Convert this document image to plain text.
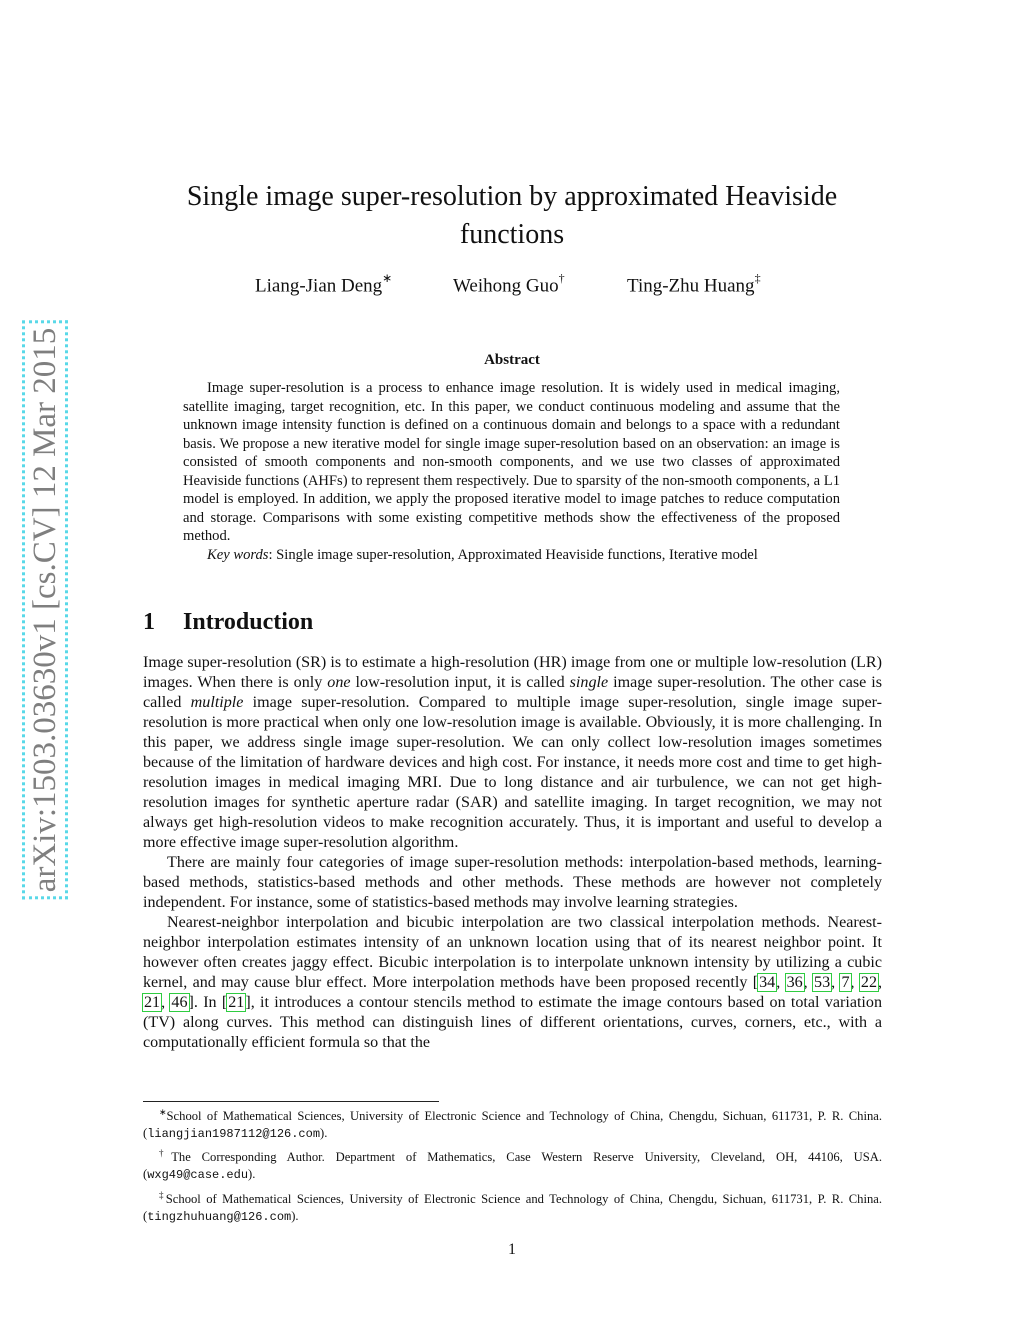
arXiv:1503.03630v1 [cs.CV] 12 Mar 2015
Single image super-resolution by approximated Heaviside functions
Liang-Jian Deng∗	Weihong Guo†	Ting-Zhu Huang‡
Abstract

Image super-resolution is a process to enhance image resolution. It is widely used in medical imaging, satellite imaging, target recognition, etc. In this paper, we conduct continuous modeling and assume that the unknown image intensity function is defined on a continuous domain and belongs to a space with a redundant basis. We propose a new iterative model for single image super-resolution based on an observation: an image is consisted of smooth components and non-smooth components, and we use two classes of approximated Heaviside functions (AHFs) to represent them respectively. Due to sparsity of the non-smooth components, a L1 model is employed. In addition, we apply the proposed iterative model to image patches to reduce computation and storage. Comparisons with some existing competitive methods show the effectiveness of the proposed method.

Key words: Single image super-resolution, Approximated Heaviside functions, Iterative model

1 Introduction

Image super-resolution (SR) is to estimate a high-resolution (HR) image from one or multiple low-resolution (LR) images. When there is only one low-resolution input, it is called single image super-resolution. The other case is called multiple image super-resolution. Compared to multiple image super-resolution, single image super-resolution is more practical when only one low-resolution image is available. Obviously, it is more challenging. In this paper, we address single image super-resolution. We can only collect low-resolution images sometimes because of the limitation of hardware devices and high cost. For instance, it needs more cost and time to get high-resolution images in medical imaging MRI. Due to long distance and air turbulence, we can not get high-resolution images for synthetic aperture radar (SAR) and satellite imaging. In target recognition, we may not always get high-resolution videos to make recognition accurately. Thus, it is important and useful to develop a more effective image super-resolution algorithm.

There are mainly four categories of image super-resolution methods: interpolation-based methods, learning-based methods, statistics-based methods and other methods. These methods are however not completely independent. For instance, some of statistics-based methods may involve learning strategies.

Nearest-neighbor interpolation and bicubic interpolation are two classical interpolation methods. Nearest-neighbor interpolation estimates intensity of an unknown location using that of its nearest neighbor point. It however often creates jaggy effect. Bicubic interpolation is to interpolate unknown intensity by utilizing a cubic kernel, and may cause blur effect. More interpolation methods have been proposed recently [34, 36, 53, 7, 22, 21, 46]. In [21], it introduces a contour stencils method to estimate the image contours based on total variation (TV) along curves. This method can distinguish lines of different orientations, curves, corners, etc., with a computationally efficient formula so that the

∗School of Mathematical Sciences, University of Electronic Science and Technology of China, Chengdu, Sichuan, 611731, P. R. China. (liangjian1987112@126.com).

†The Corresponding Author. Department of Mathematics, Case Western Reserve University, Cleveland, OH, 44106, USA. (wxg49@case.edu).

‡School of Mathematical Sciences, University of Electronic Science and Technology of China, Chengdu, Sichuan, 611731, P. R. China. (tingzhuhuang@126.com).

1
